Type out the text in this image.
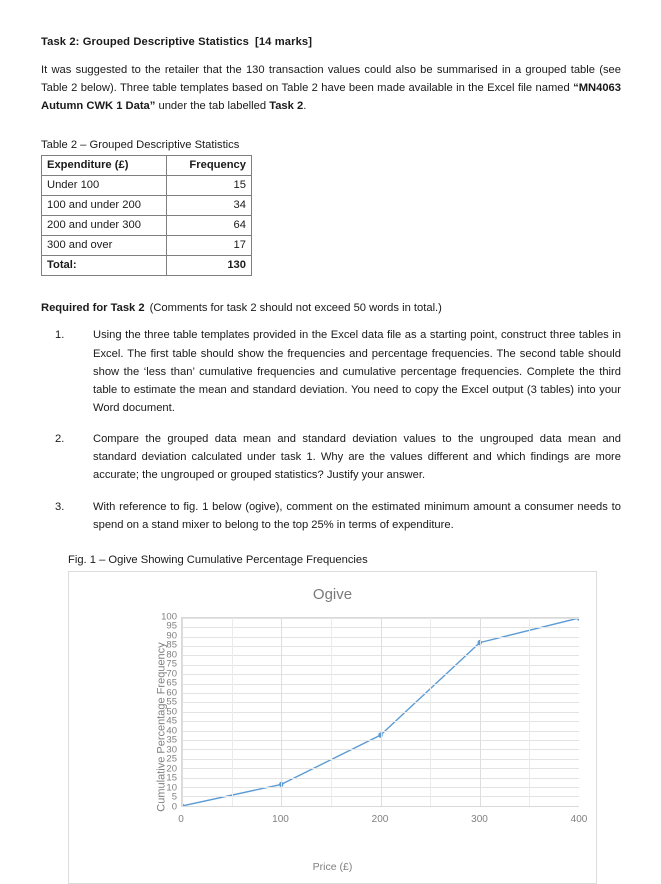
Task 2: Grouped Descriptive Statistics [14 marks]

It was suggested to the retailer that the 130 transaction values could also be summarised in a grouped table (see Table 2 below). Three table templates based on Table 2 have been made available in the Excel file named “MN4063 Autumn CWK 1 Data” under the tab labelled Task 2.

Table 2 – Grouped Descriptive Statistics
Expenditure (£)	Frequency
Under 100	15
100 and under 200	34
200 and under 300	64
300 and over	17
Total:	130
Required for Task 2 (Comments for task 2 should not exceed 50 words in total.)
1.	Using the three table templates provided in the Excel data file as a starting point, construct three tables in Excel. The first table should show the frequencies and percentage frequencies. The second table should show the ‘less than’ cumulative frequencies and cumulative percentage frequencies. Complete the third table to estimate the mean and standard deviation. You need to copy the Excel output (3 tables) into your Word document.
2.	Compare the grouped data mean and standard deviation values to the ungrouped data mean and standard deviation calculated under task 1. Why are the values different and which findings are more accurate; the ungrouped or grouped statistics? Justify your answer.
3.	With reference to fig. 1 below (ogive), comment on the estimated minimum amount a consumer needs to spend on a stand mixer to belong to the top 25% in terms of expenditure.
Fig. 1 – Ogive Showing Cumulative Percentage Frequencies
Ogive
Cumulative Percentage Frequency 0
5
10
15
20
25
30
35
40
45
50
55
60
65
70
75
80
85
90
95
100
0	100	200	300	400
Price (£)
